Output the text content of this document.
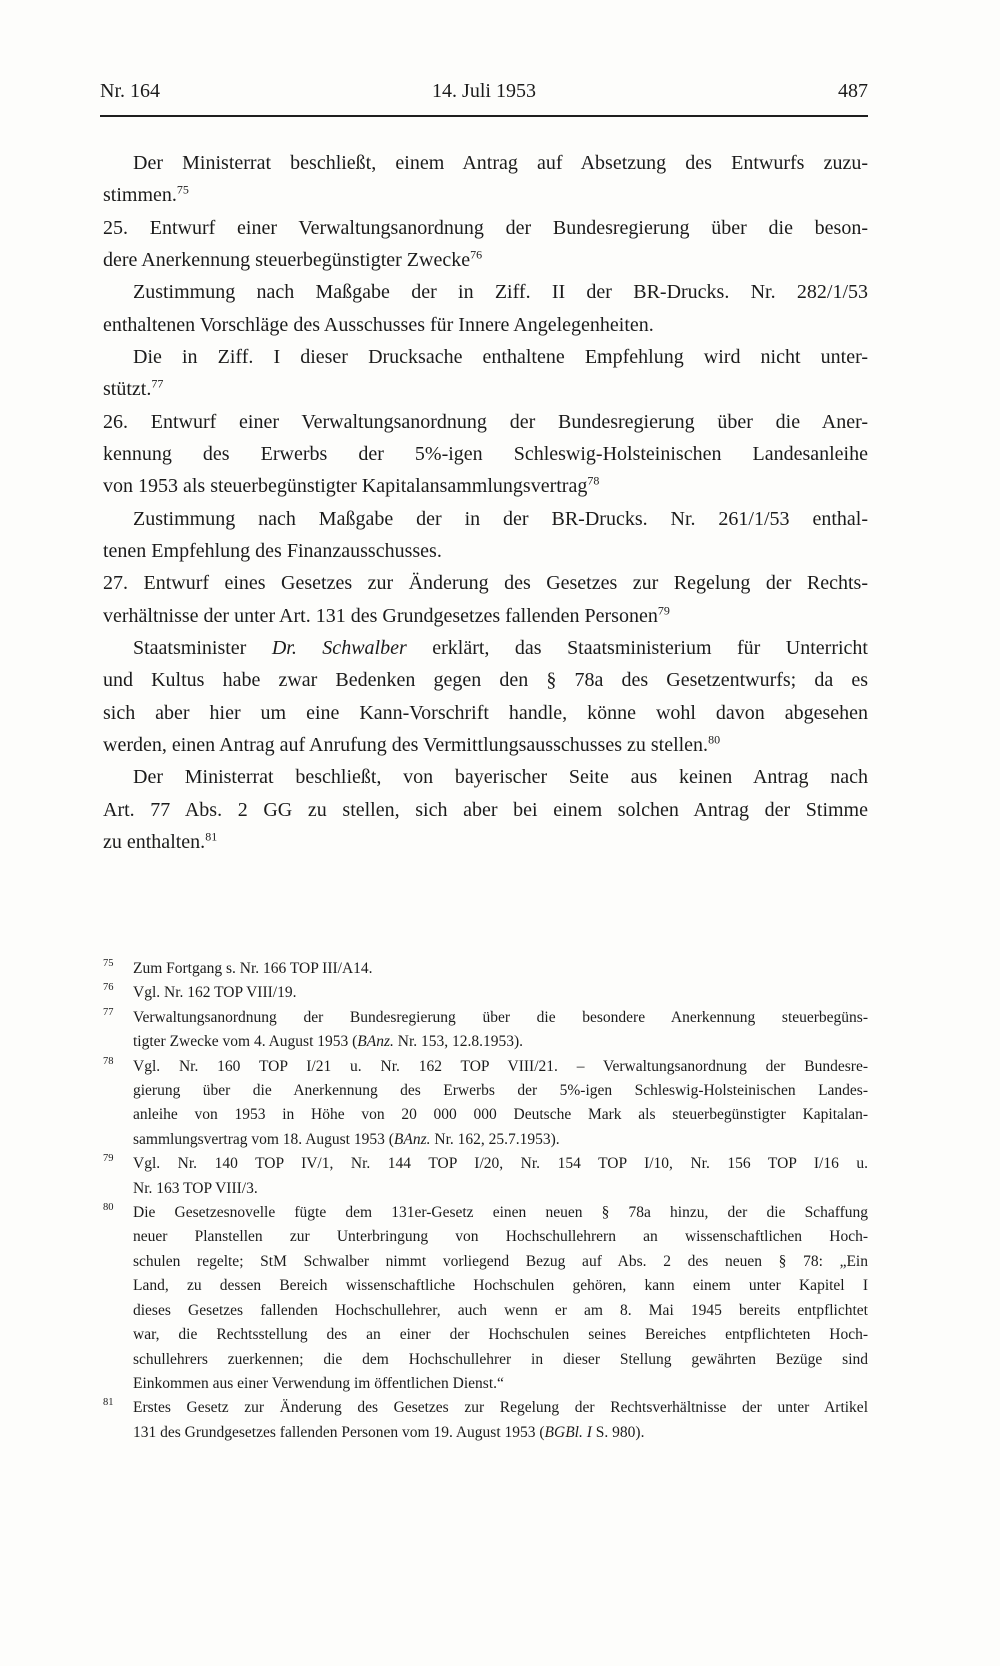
Nr. 164	14. Juli 1953	487
Der Ministerrat beschließt, einem Antrag auf Absetzung des Entwurfs zuzu-
stimmen.$^{75}$
25. Entwurf einer Verwaltungsanordnung der Bundesregierung über die beson-
dere Anerkennung steuerbegünstigter Zwecke$^{76}$
Zustimmung nach Maßgabe der in Ziff. II der BR-Drucks. Nr. 282/1/53
enthaltenen Vorschläge des Ausschusses für Innere Angelegenheiten.
Die in Ziff. I dieser Drucksache enthaltene Empfehlung wird nicht unter-
stützt.$^{77}$
26. Entwurf einer Verwaltungsanordnung der Bundesregierung über die Aner-
kennung des Erwerbs der 5%-igen Schleswig-Holsteinischen Landesanleihe
von 1953 als steuerbegünstigter Kapitalansammlungsvertrag$^{78}$
Zustimmung nach Maßgabe der in der BR-Drucks. Nr. 261/1/53 enthal-
tenen Empfehlung des Finanzausschusses.
27. Entwurf eines Gesetzes zur Änderung des Gesetzes zur Regelung der Rechts-
verhältnisse der unter Art. 131 des Grundgesetzes fallenden Personen$^{79}$
Staatsminister Dr. Schwalber erklärt, das Staatsministerium für Unterricht
und Kultus habe zwar Bedenken gegen den § 78a des Gesetzentwurfs; da es
sich aber hier um eine Kann-Vorschrift handle, könne wohl davon abgesehen
werden, einen Antrag auf Anrufung des Vermittlungsausschusses zu stellen.$^{80}$
Der Ministerrat beschließt, von bayerischer Seite aus keinen Antrag nach
Art. 77 Abs. 2 GG zu stellen, sich aber bei einem solchen Antrag der Stimme
zu enthalten.$^{81}$
75 Zum Fortgang s. Nr. 166 TOP III/A14.
76 Vgl. Nr. 162 TOP VIII/19.
77 Verwaltungsanordnung der Bundesregierung über die besondere Anerkennung steuerbegüns-
tigter Zwecke vom 4. August 1953 (BAnz. Nr. 153, 12.8.1953).
78 Vgl. Nr. 160 TOP I/21 u. Nr. 162 TOP VIII/21. – Verwaltungsanordnung der Bundesre-
gierung über die Anerkennung des Erwerbs der 5%-igen Schleswig-Holsteinischen Landes-
anleihe von 1953 in Höhe von 20 000 000 Deutsche Mark als steuerbegünstigter Kapitalan-
sammlungsvertrag vom 18. August 1953 (BAnz. Nr. 162, 25.7.1953).
79 Vgl. Nr. 140 TOP IV/1, Nr. 144 TOP I/20, Nr. 154 TOP I/10, Nr. 156 TOP I/16 u.
Nr. 163 TOP VIII/3.
80 Die Gesetzesnovelle fügte dem 131er-Gesetz einen neuen § 78a hinzu, der die Schaffung
neuer Planstellen zur Unterbringung von Hochschullehrern an wissenschaftlichen Hoch-
schulen regelte; StM Schwalber nimmt vorliegend Bezug auf Abs. 2 des neuen § 78: „Ein
Land, zu dessen Bereich wissenschaftliche Hochschulen gehören, kann einem unter Kapitel I
dieses Gesetzes fallenden Hochschullehrer, auch wenn er am 8. Mai 1945 bereits entpflichtet
war, die Rechtsstellung des an einer der Hochschulen seines Bereiches entpflichteten Hoch-
schullehrers zuerkennen; die dem Hochschullehrer in dieser Stellung gewährten Bezüge sind
Einkommen aus einer Verwendung im öffentlichen Dienst.“
81 Erstes Gesetz zur Änderung des Gesetzes zur Regelung der Rechtsverhältnisse der unter Artikel
131 des Grundgesetzes fallenden Personen vom 19. August 1953 (BGBl. I S. 980).
